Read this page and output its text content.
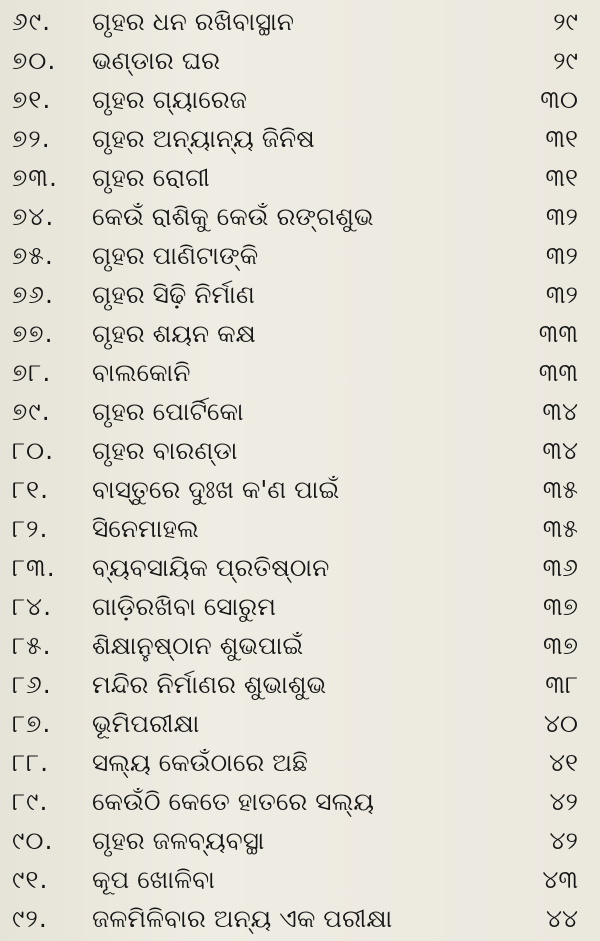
୬୯.	ଗୃହର ଧନ ରଖିବାସ୍ଥାନ	୨୯
୭୦.	ଭଣ୍ଡାର ଘର	୨୯
୭୧.	ଗୃହର ଗ୍ୟାରେଜ	୩୦
୭୨.	ଗୃହର ଅନ୍ୟାନ୍ୟ ଜିନିଷ	୩୧
୭୩.	ଗୃହର ରୋଗୀ	୩୧
୭୪.	କେଉଁ ରାଶିକୁ କେଉଁ ରଙ୍ଗଶୁଭ	୩୨
୭୫.	ଗୃହର ପାଣିଟାଙ୍କି	୩୨
୭୬.	ଗୃହର ସିଢ଼ି ନିର୍ମାଣ	୩୨
୭୭.	ଗୃହର ଶୟନ କକ୍ଷ	୩୩
୭୮.	ବାଲକୋନି	୩୩
୭୯.	ଗୃହର ପୋର୍ଟିକୋ	୩୪
୮୦.	ଗୃହର ବାରଣ୍ଡା	୩୪
୮୧.	ବାସ୍ତୁରେ ଦୁଃଖ କ'ଣ ପାଇଁ	୩୫
୮୨.	ସିନେମାହଲ	୩୫
୮୩.	ବ୍ୟବସାୟିକ ପ୍ରତିଷ୍ଠାନ	୩୬
୮୪.	ଗାଡ଼ିରଖିବା ସୋରୁମ	୩୭
୮୫.	ଶିକ୍ଷାନୁଷ୍ଠାନ ଶୁଭପାଇଁ	୩୭
୮୬.	ମନ୍ଦିର ନିର୍ମାଣର ଶୁଭାଶୁଭ	୩୮
୮୭.	ଭୂମିପରୀକ୍ଷା	୪୦
୮୮.	ସଲ୍ୟ କେଉଁଠାରେ ଅଛି	୪୧
୮୯.	କେଉଁଠି କେତେ ହାତରେ ସଲ୍ୟ	୪୨
୯୦.	ଗୃହର ଜଳବ୍ୟବସ୍ଥା	୪୨
୯୧.	କୂପ ଖୋଳିବା	୪୩
୯୨.	ଜଳମିଳିବାର ଅନ୍ୟ ଏକ ପରୀକ୍ଷା	୪୪
